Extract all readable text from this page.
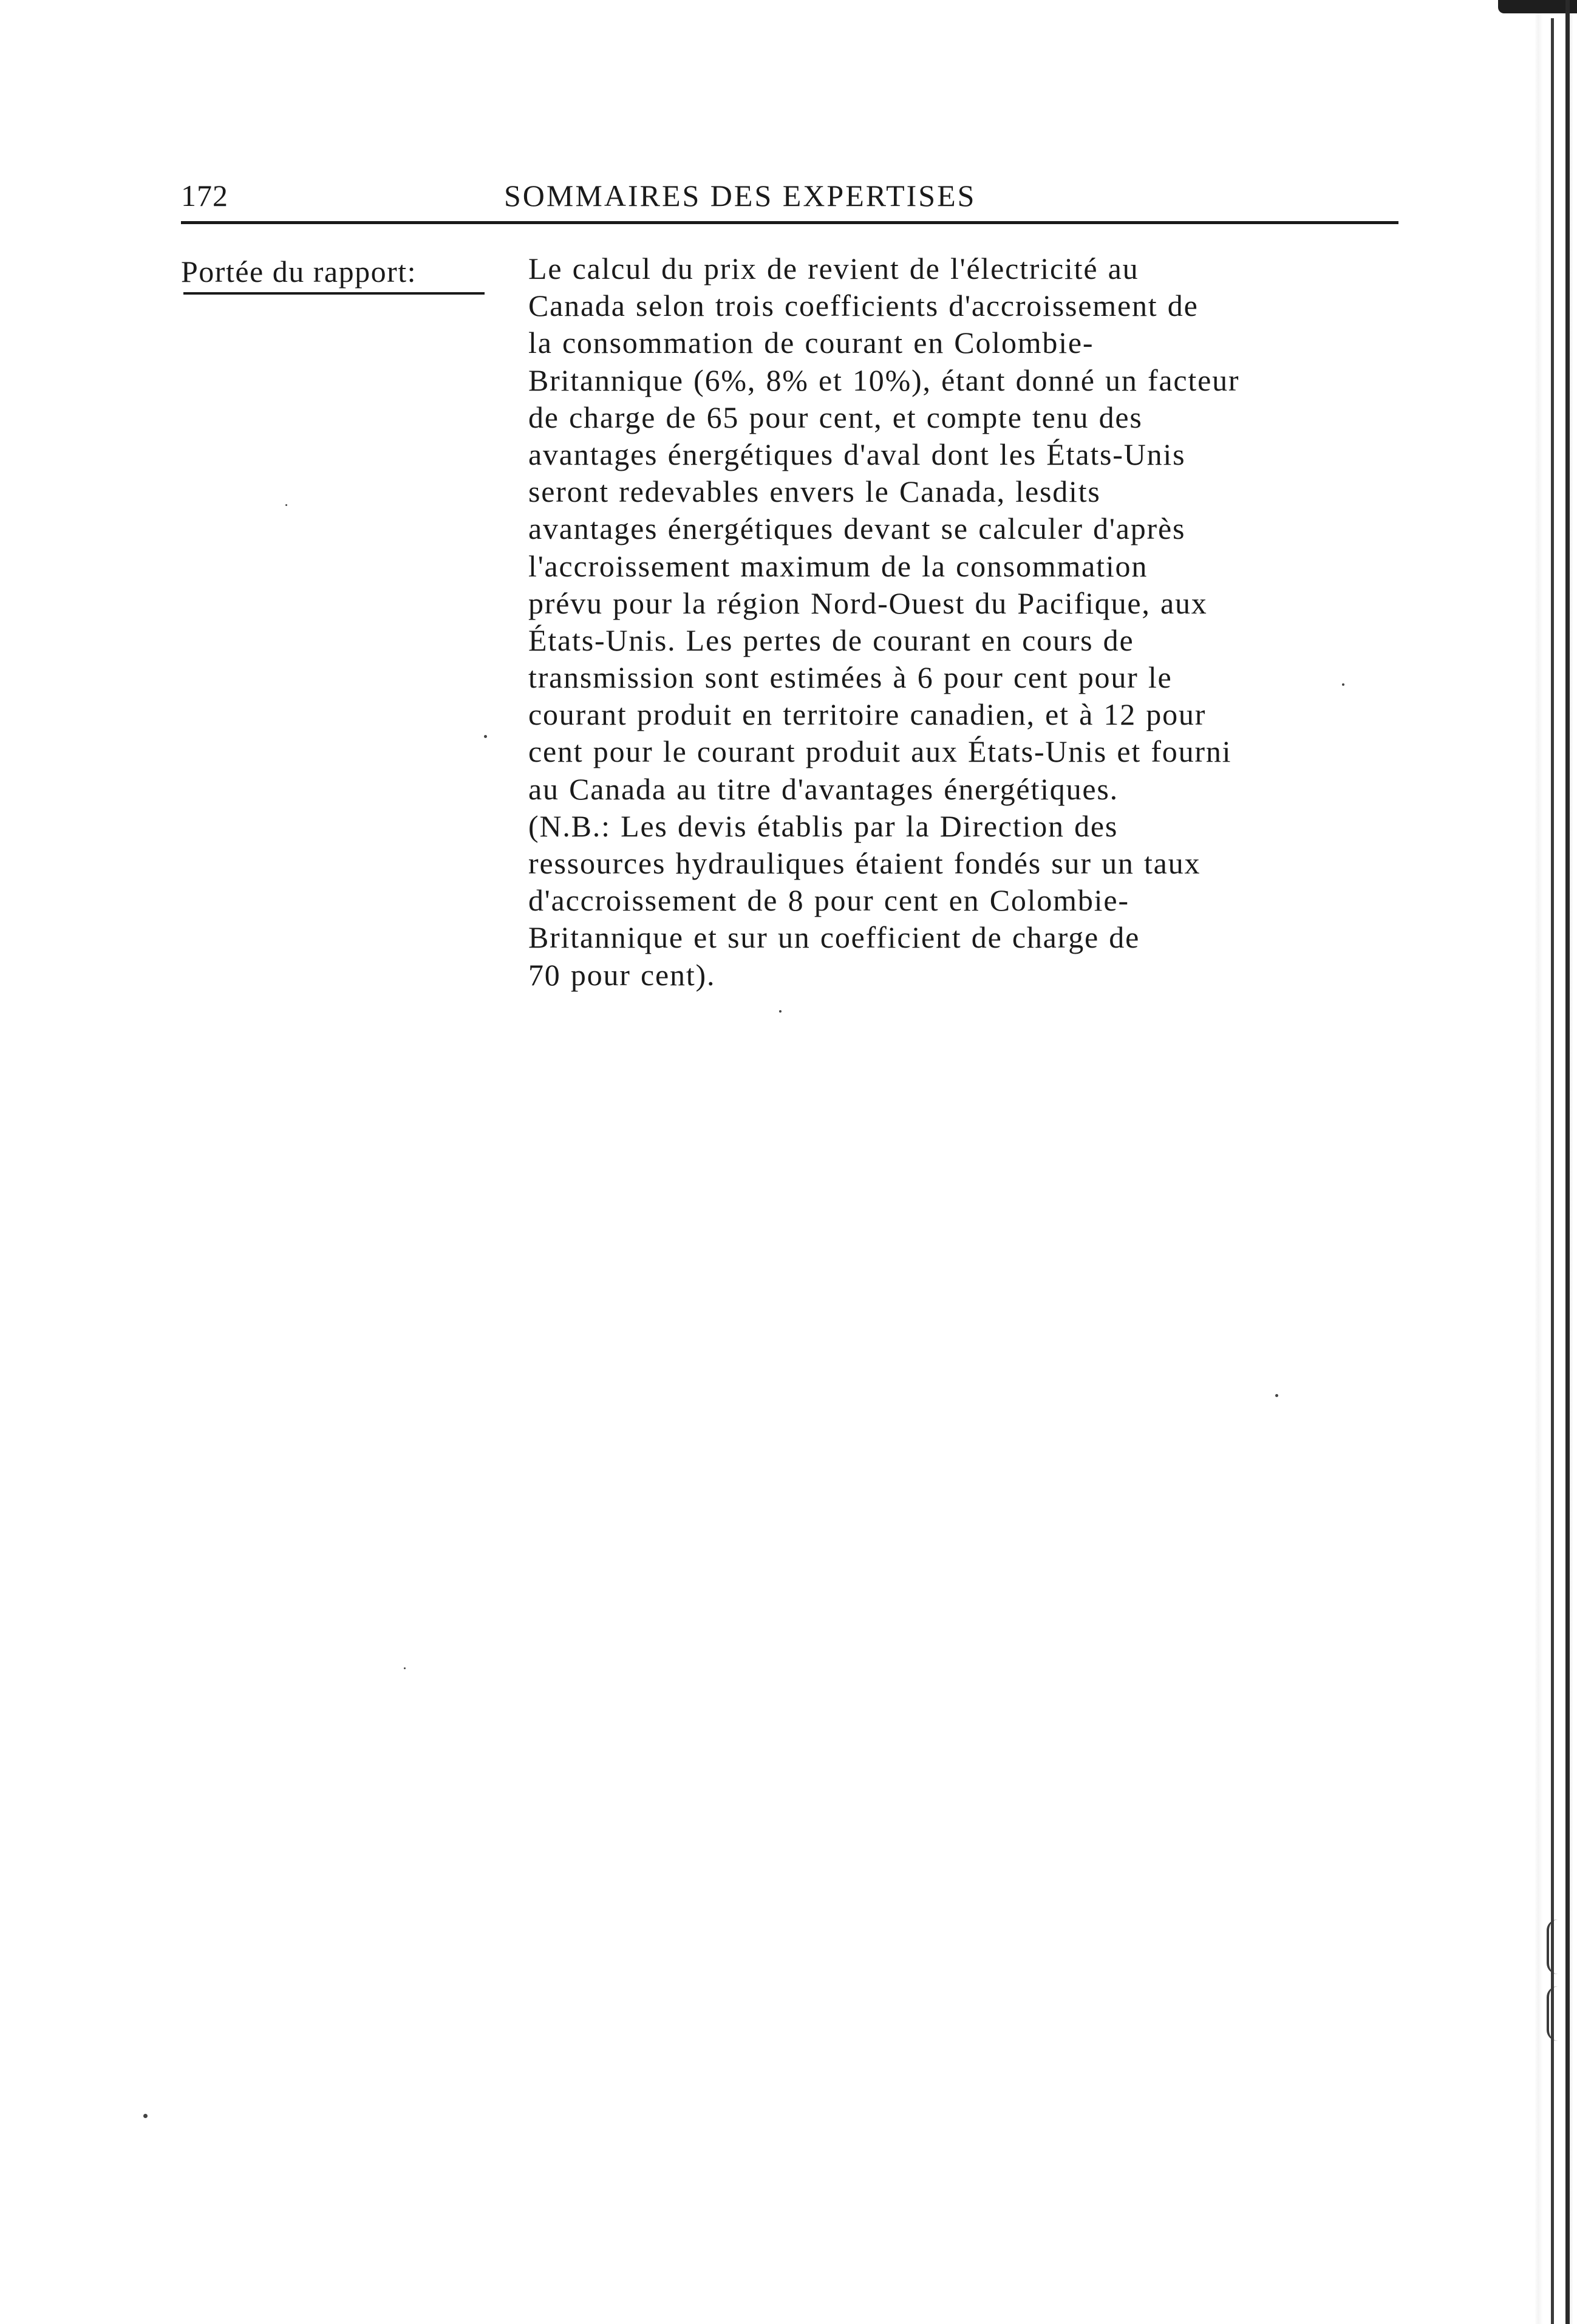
172	SOMMAIRES DES EXPERTISES
Portée du rapport:	Le calcul du prix de revient de l'électricité au
Canada selon trois coefficients d'accroissement de
la consommation de courant en Colombie-
Britannique (6%, 8% et 10%), étant donné un facteur
de charge de 65 pour cent, et compte tenu des
avantages énergétiques d'aval dont les États-Unis
seront redevables envers le Canada, lesdits
avantages énergétiques devant se calculer d'après
l'accroissement maximum de la consommation
prévu pour la région Nord-Ouest du Pacifique, aux
États-Unis. Les pertes de courant en cours de
transmission sont estimées à 6 pour cent pour le
courant produit en territoire canadien, et à 12 pour
cent pour le courant produit aux États-Unis et fourni
au Canada au titre d'avantages énergétiques.
(N.B.: Les devis établis par la Direction des
ressources hydrauliques étaient fondés sur un taux
d'accroissement de 8 pour cent en Colombie-
Britannique et sur un coefficient de charge de
70 pour cent).
